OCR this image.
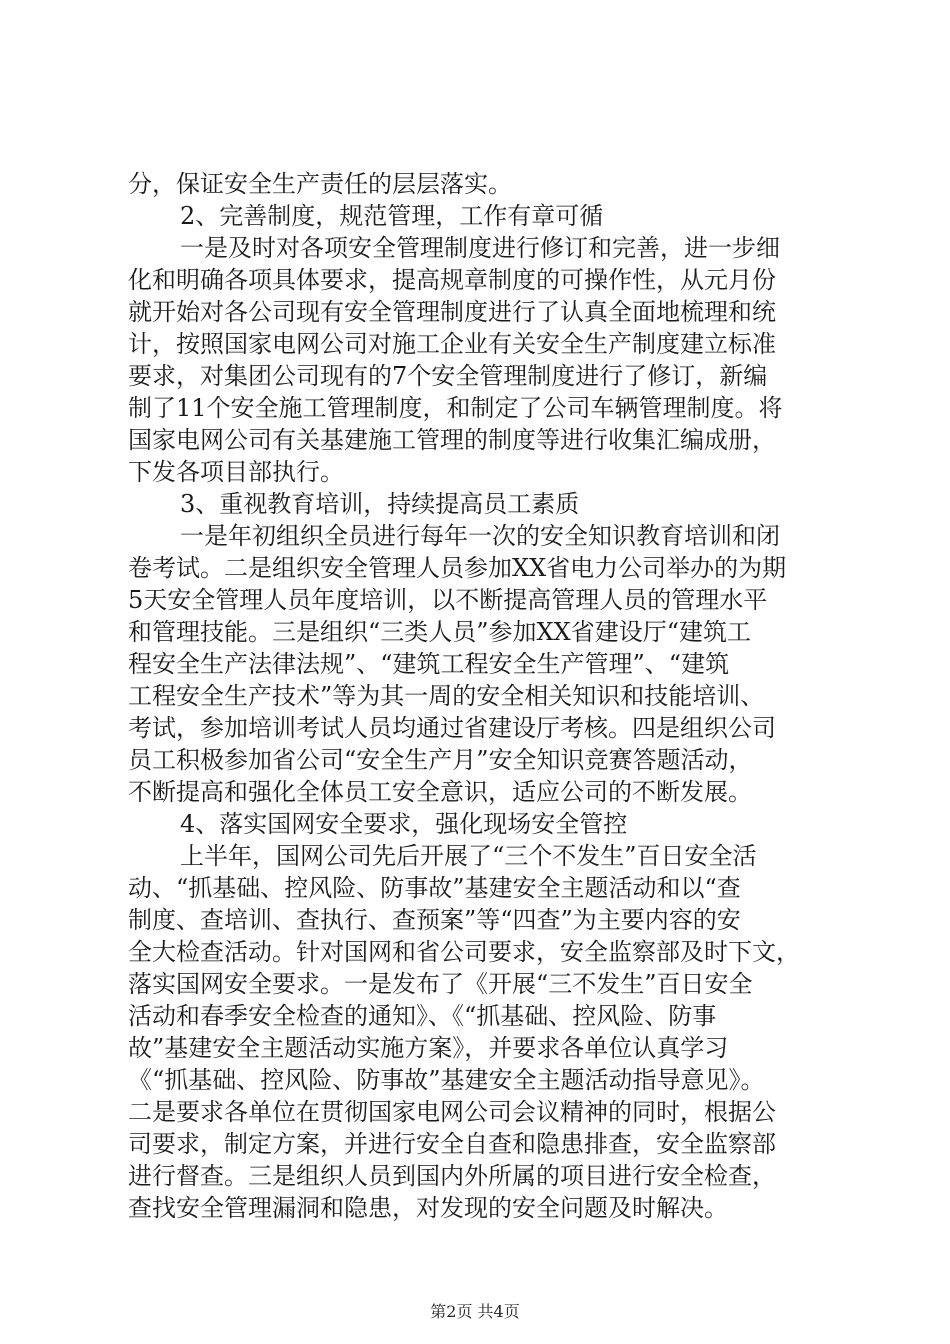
分，保证安全生产责任的层层落实。
2、完善制度，规范管理，工作有章可循
一是及时对各项安全管理制度进行修订和完善，进一步细
化和明确各项具体要求，提高规章制度的可操作性，从元月份
就开始对各公司现有安全管理制度进行了认真全面地梳理和统
计，按照国家电网公司对施工企业有关安全生产制度建立标准
要求，对集团公司现有的7个安全管理制度进行了修订，新编
制了11个安全施工管理制度，和制定了公司车辆管理制度。将
国家电网公司有关基建施工管理的制度等进行收集汇编成册，
下发各项目部执行。
3、重视教育培训，持续提高员工素质
一是年初组织全员进行每年一次的安全知识教育培训和闭
卷考试。二是组织安全管理人员参加XX省电力公司举办的为期
5天安全管理人员年度培训，以不断提高管理人员的管理水平
和管理技能。三是组织“三类人员”参加XX省建设厅“建筑工
程安全生产法律法规”、“建筑工程安全生产管理”、“建筑
工程安全生产技术”等为其一周的安全相关知识和技能培训、
考试，参加培训考试人员均通过省建设厅考核。四是组织公司
员工积极参加省公司“安全生产月”安全知识竞赛答题活动，
不断提高和强化全体员工安全意识，适应公司的不断发展。
4、落实国网安全要求，强化现场安全管控
上半年，国网公司先后开展了“三个不发生”百日安全活
动、“抓基础、控风险、防事故”基建安全主题活动和以“查
制度、查培训、查执行、查预案”等“四查”为主要内容的安
全大检查活动。针对国网和省公司要求，安全监察部及时下文，
落实国网安全要求。一是发布了《开展“三不发生”百日安全
活动和春季安全检查的通知》、《“抓基础、控风险、防事
故”基建安全主题活动实施方案》，并要求各单位认真学习
《“抓基础、控风险、防事故”基建安全主题活动指导意见》。
二是要求各单位在贯彻国家电网公司会议精神的同时，根据公
司要求，制定方案，并进行安全自查和隐患排查，安全监察部
进行督查。三是组织人员到国内外所属的项目进行安全检查，
查找安全管理漏洞和隐患，对发现的安全问题及时解决。
第2页 共4页
